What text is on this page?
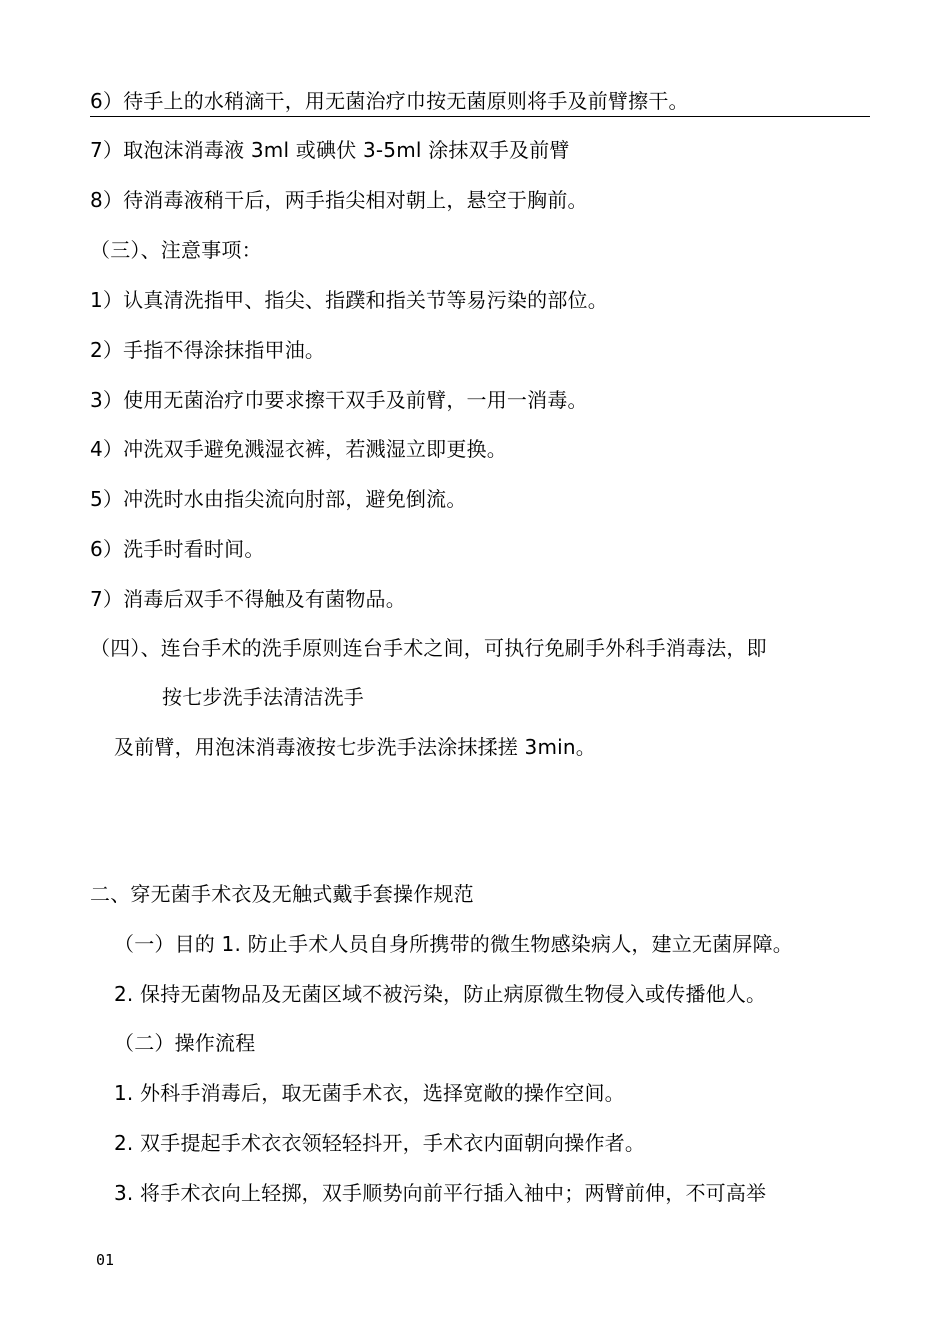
6）待手上的水稍滴干，用无菌治疗巾按无菌原则将手及前臂擦干。
7）取泡沫消毒液 3ml 或碘伏 3-5ml 涂抹双手及前臂
8）待消毒液稍干后，两手指尖相对朝上，悬空于胸前。
（三）、注意事项：
1）认真清洗指甲、指尖、指蹼和指关节等易污染的部位。
2）手指不得涂抹指甲油。
3）使用无菌治疗巾要求擦干双手及前臂，一用一消毒。
4）冲洗双手避免溅湿衣裤，若溅湿立即更换。
5）冲洗时水由指尖流向肘部，避免倒流。
6）洗手时看时间。
7）消毒后双手不得触及有菌物品。
（四）、连台手术的洗手原则连台手术之间，可执行免刷手外科手消毒法，即
按七步洗手法清洁洗手
及前臂，用泡沫消毒液按七步洗手法涂抹揉搓 3min。
二、穿无菌手术衣及无触式戴手套操作规范
（一）目的 1. 防止手术人员自身所携带的微生物感染病人，建立无菌屏障。
2. 保持无菌物品及无菌区域不被污染，防止病原微生物侵入或传播他人。
（二）操作流程
1. 外科手消毒后，取无菌手术衣，选择宽敞的操作空间。
2. 双手提起手术衣衣领轻轻抖开，手术衣内面朝向操作者。
3. 将手术衣向上轻掷，双手顺势向前平行插入袖中；两臂前伸，不可高举
01
